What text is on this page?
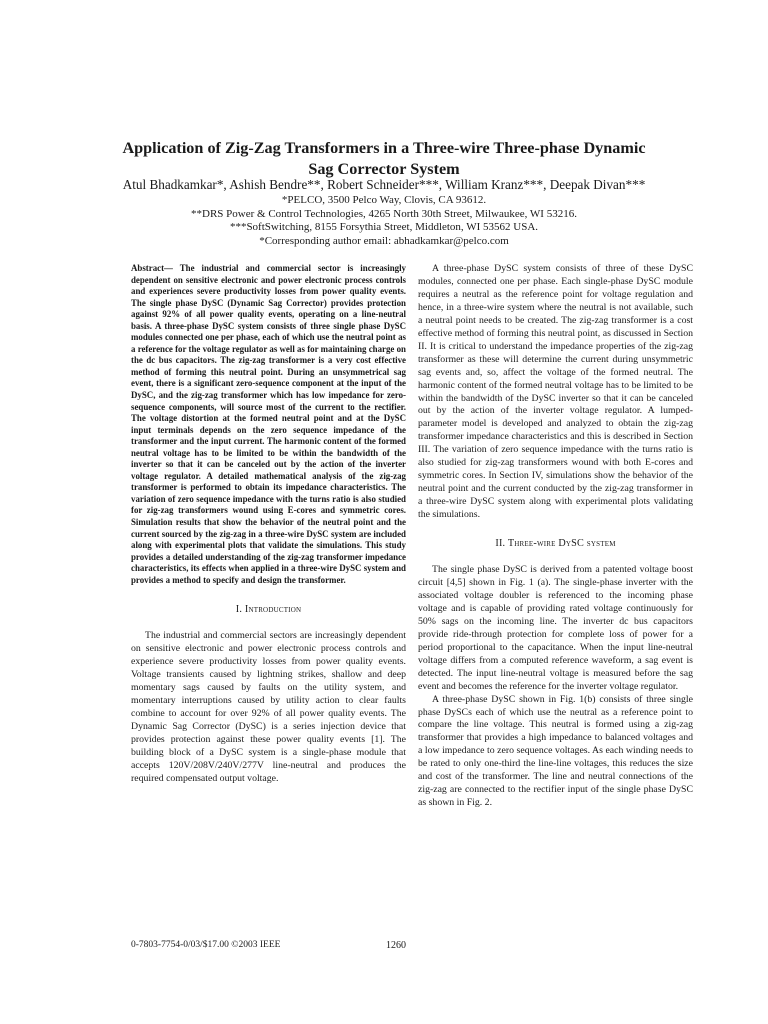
Application of Zig-Zag Transformers in a Three-wire Three-phase Dynamic Sag Corrector System
Atul Bhadkamkar*, Ashish Bendre**, Robert Schneider***, William Kranz***, Deepak Divan***
*PELCO, 3500 Pelco Way, Clovis, CA 93612.
**DRS Power & Control Technologies, 4265 North 30th Street, Milwaukee, WI 53216.
***SoftSwitching, 8155 Forsythia Street, Middleton, WI 53562 USA.
*Corresponding author email: abhadkamkar@pelco.com
Abstract— The industrial and commercial sector is increasingly dependent on sensitive electronic and power electronic process controls and experiences severe productivity losses from power quality events. The single phase DySC (Dynamic Sag Corrector) provides protection against 92% of all power quality events, operating on a line-neutral basis. A three-phase DySC system consists of three single phase DySC modules connected one per phase, each of which use the neutral point as a reference for the voltage regulator as well as for maintaining charge on the dc bus capacitors. The zig-zag transformer is a very cost effective method of forming this neutral point. During an unsymmetrical sag event, there is a significant zero-sequence component at the input of the DySC, and the zig-zag transformer which has low impedance for zero-sequence components, will source most of the current to the rectifier. The voltage distortion at the formed neutral point and at the DySC input terminals depends on the zero sequence impedance of the transformer and the input current. The harmonic content of the formed neutral voltage has to be limited to be within the bandwidth of the inverter so that it can be canceled out by the action of the inverter voltage regulator. A detailed mathematical analysis of the zig-zag transformer is performed to obtain its impedance characteristics. The variation of zero sequence impedance with the turns ratio is also studied for zig-zag transformers wound using E-cores and symmetric cores. Simulation results that show the behavior of the neutral point and the current sourced by the zig-zag in a three-wire DySC system are included along with experimental plots that validate the simulations. This study provides a detailed understanding of the zig-zag transformer impedance characteristics, its effects when applied in a three-wire DySC system and provides a method to specify and design the transformer.
I. Introduction

The industrial and commercial sectors are increasingly dependent on sensitive electronic and power electronic process controls and experience severe productivity losses from power quality events. Voltage transients caused by lightning strikes, shallow and deep momentary sags caused by faults on the utility system, and momentary interruptions caused by utility action to clear faults combine to account for over 92% of all power quality events. The Dynamic Sag Corrector (DySC) is a series injection device that provides protection against these power quality events [1]. The building block of a DySC system is a single-phase module that accepts 120V/208V/240V/277V line-neutral and produces the required compensated output voltage.

A three-phase DySC system consists of three of these DySC modules, connected one per phase. Each single-phase DySC module requires a neutral as the reference point for voltage regulation and hence, in a three-wire system where the neutral is not available, such a neutral point needs to be created. The zig-zag transformer is a cost effective method of forming this neutral point, as discussed in Section II. It is critical to understand the impedance properties of the zig-zag transformer as these will determine the current during unsymmetric sag events and, so, affect the voltage of the formed neutral. The harmonic content of the formed neutral voltage has to be limited to be within the bandwidth of the DySC inverter so that it can be canceled out by the action of the inverter voltage regulator. A lumped-parameter model is developed and analyzed to obtain the zig-zag transformer impedance characteristics and this is described in Section III. The variation of zero sequence impedance with the turns ratio is also studied for zig-zag transformers wound with both E-cores and symmetric cores. In Section IV, simulations show the behavior of the neutral point and the current conducted by the zig-zag transformer in a three-wire DySC system along with experimental plots validating the simulations.

II. Three-wire DySC system

The single phase DySC is derived from a patented voltage boost circuit [4,5] shown in Fig. 1 (a). The single-phase inverter with the associated voltage doubler is referenced to the incoming phase voltage and is capable of providing rated voltage continuously for 50% sags on the incoming line. The inverter dc bus capacitors provide ride-through protection for complete loss of power for a period proportional to the capacitance. When the input line-neutral voltage differs from a computed reference waveform, a sag event is detected. The input line-neutral voltage is measured before the sag event and becomes the reference for the inverter voltage regulator.

A three-phase DySC shown in Fig. 1(b) consists of three single phase DySCs each of which use the neutral as a reference point to compare the line voltage. This neutral is formed using a zig-zag transformer that provides a high impedance to balanced voltages and a low impedance to zero sequence voltages. As each winding needs to be rated to only one-third the line-line voltages, this reduces the size and cost of the transformer. The line and neutral connections of the zig-zag are connected to the rectifier input of the single phase DySC as shown in Fig. 2.

0-7803-7754-0/03/$17.00 ©2003 IEEE	1260
